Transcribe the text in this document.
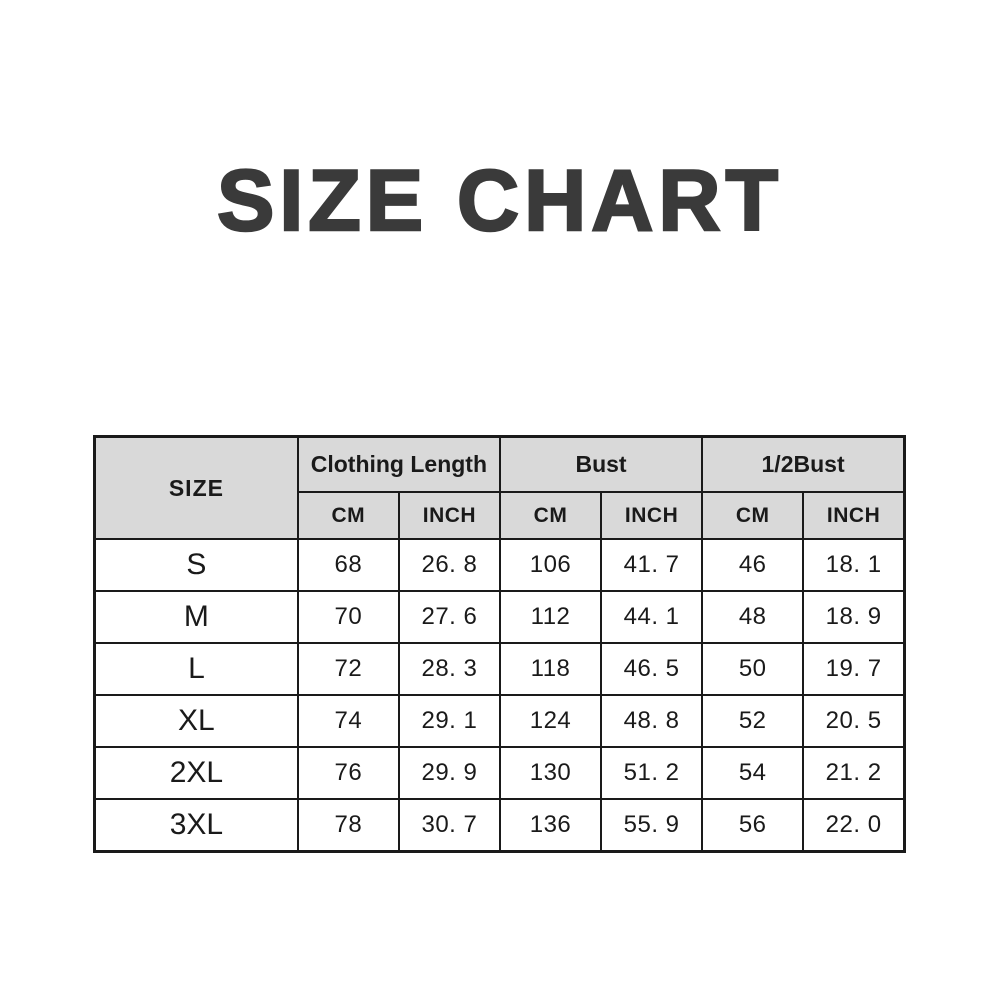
SIZE CHART
SIZE	Clothing Length		Bust		1/2Bust	
	CM	INCH	CM	INCH	CM	INCH
S	68	26. 8	106	41. 7	46	18. 1
M	70	27. 6	112	44. 1	48	18. 9
L	72	28. 3	118	46. 5	50	19. 7
XL	74	29. 1	124	48. 8	52	20. 5
2XL	76	29. 9	130	51. 2	54	21. 2
3XL	78	30. 7	136	55. 9	56	22. 0
